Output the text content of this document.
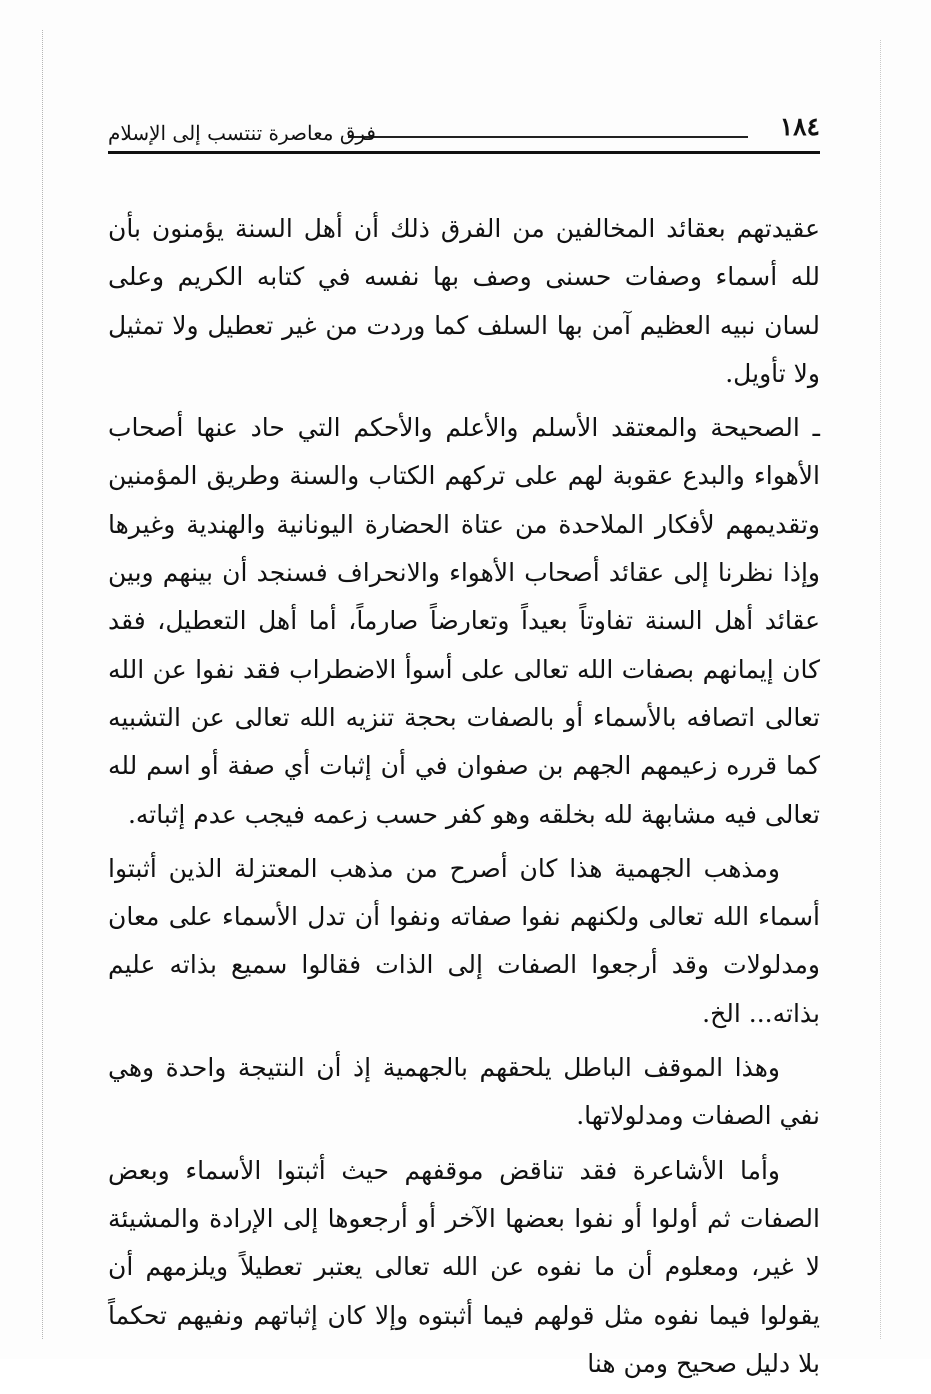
١٨٤
فرق معاصرة تنتسب إلى الإسلام

عقيدتهم بعقائد المخالفين من الفرق ذلك أن أهل السنة يؤمنون بأن لله أسماء وصفات حسنى وصف بها نفسه في كتابه الكريم وعلى لسان نبيه العظيم آمن بها السلف كما وردت من غير تعطيل ولا تمثيل ولا تأويل.

ـ الصحيحة والمعتقد الأسلم والأعلم والأحكم التي حاد عنها أصحاب الأهواء والبدع عقوبة لهم على تركهم الكتاب والسنة وطريق المؤمنين وتقديمهم لأفكار الملاحدة من عتاة الحضارة اليونانية والهندية وغيرها وإذا نظرنا إلى عقائد أصحاب الأهواء والانحراف فسنجد أن بينهم وبين عقائد أهل السنة تفاوتاً بعيداً وتعارضاً صارماً، أما أهل التعطيل، فقد كان إيمانهم بصفات الله تعالى على أسوأ الاضطراب فقد نفوا عن الله تعالى اتصافه بالأسماء أو بالصفات بحجة تنزيه الله تعالى عن التشبيه كما قرره زعيمهم الجهم بن صفوان في أن إثبات أي صفة أو اسم لله تعالى فيه مشابهة لله بخلقه وهو كفر حسب زعمه فيجب عدم إثباته.

ومذهب الجهمية هذا كان أصرح من مذهب المعتزلة الذين أثبتوا أسماء الله تعالى ولكنهم نفوا صفاته ونفوا أن تدل الأسماء على معان ومدلولات وقد أرجعوا الصفات إلى الذات فقالوا سميع بذاته عليم بذاته... الخ.

وهذا الموقف الباطل يلحقهم بالجهمية إذ أن النتيجة واحدة وهي نفي الصفات ومدلولاتها.

وأما الأشاعرة فقد تناقض موقفهم حيث أثبتوا الأسماء وبعض الصفات ثم أولوا أو نفوا بعضها الآخر أو أرجعوها إلى الإرادة والمشيئة لا غير، ومعلوم أن ما نفوه عن الله تعالى يعتبر تعطيلاً ويلزمهم أن يقولوا فيما نفوه مثل قولهم فيما أثبتوه وإلا كان إثباتهم ونفيهم تحكماً بلا دليل صحيح ومن هنا
